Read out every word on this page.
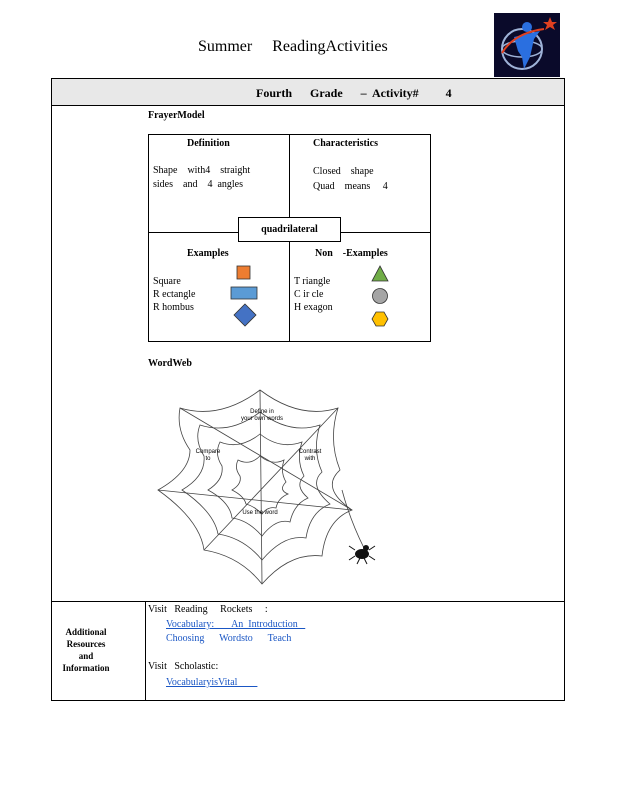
Summer     ReadingActivities
Fourth      Grade      –  Activity#         4
FrayerModel
quadrilateral
Definition	Characteristics
Shape    with4    straight
sides    and    4  angles
Closed    shape
Quad    means     4
Examples	Non    -Examples
Square
R ectangle
R hombus
T riangle
C ir cle
H exagon
WordWeb
Define in
your own words
Compare
to
Contrast
with
Use the word
Additional
Resources
and
Information
Visit   Reading     Rockets     :
Vocabulary:       An  Introduction
Choosing      Wordsto      Teach
Visit   Scholastic:
VocabularyisVital
